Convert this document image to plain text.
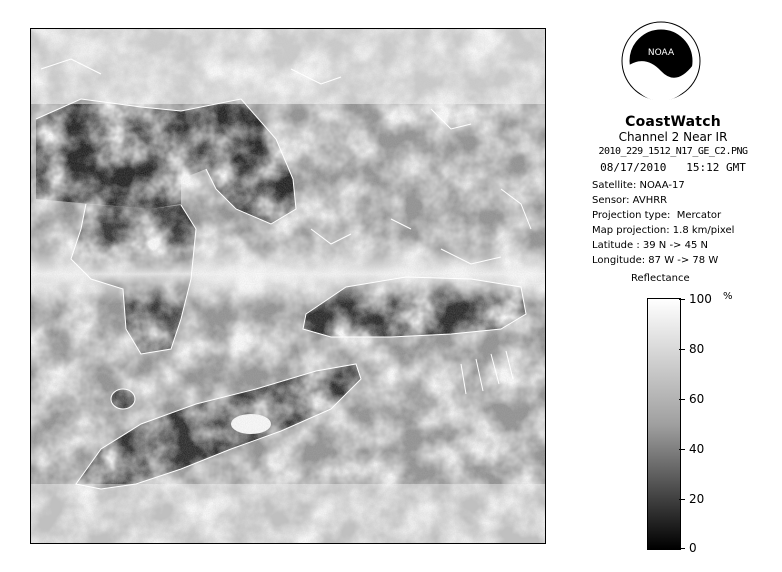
NOAA
CoastWatch
Channel 2 Near IR
2010_229_1512_N17_GE_C2.PNG
08/17/2010 15:12 GMT
Satellite: NOAA-17
Sensor: AVHRR
Projection type:  Mercator
Map projection: 1.8 km/pixel
Latitude : 39 N -> 45 N
Longitude: 87 W -> 78 W
Reflectance
%
100
80
60
40
20
0
